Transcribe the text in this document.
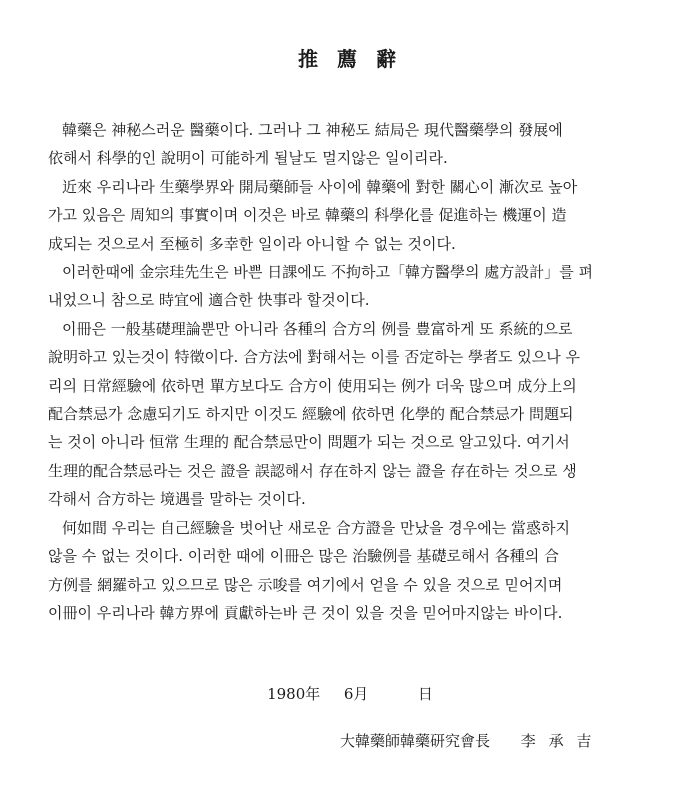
推 薦 辭
韓藥은 神秘스러운 醫藥이다. 그러나 그 神秘도 結局은 現代醫藥學의 發展에
依해서 科學的인 說明이 可能하게 될날도 멀지않은 일이리라.
近來 우리나라 生藥學界와 開局藥師들 사이에 韓藥에 對한 關心이 漸次로 높아
가고 있음은 周知의 事實이며 이것은 바로 韓藥의 科學化를 促進하는 機運이 造
成되는 것으로서 至極히 多幸한 일이라 아니할 수 없는 것이다.
이러한때에 金宗珪先生은 바쁜 日課에도 不拘하고「韓方醫學의 處方設計」를 펴
내었으니 참으로 時宜에 適合한 快事라 할것이다.
이冊은 一般基礎理論뿐만 아니라 各種의 合方의 例를 豊富하게 또 系統的으로
說明하고 있는것이 特徵이다. 合方法에 對해서는 이를 否定하는 學者도 있으나 우
리의 日常經驗에 依하면 單方보다도 合方이 使用되는 例가 더욱 많으며 成分上의
配合禁忌가 念慮되기도 하지만 이것도 經驗에 依하면 化學的 配合禁忌가 問題되
는 것이 아니라 恒常 生理的 配合禁忌만이 問題가 되는 것으로 알고있다. 여기서
生理的配合禁忌라는 것은 證을 誤認해서 存在하지 않는 證을 存在하는 것으로 생
각해서 合方하는 境遇를 말하는 것이다.
何如間 우리는 自己經驗을 벗어난 새로운 合方證을 만났을 경우에는 當惑하지
않을 수 없는 것이다. 이러한 때에 이冊은 많은 治驗例를 基礎로해서 各種의 合
方例를 網羅하고 있으므로 많은 示唆를 여기에서 얻을 수 있을 것으로 믿어지며
이冊이 우리나라 韓方界에 貢獻하는바 큰 것이 있을 것을 믿어마지않는 바이다.
1980年 6月	日
大韓藥師韓藥研究會長 李 承 吉
